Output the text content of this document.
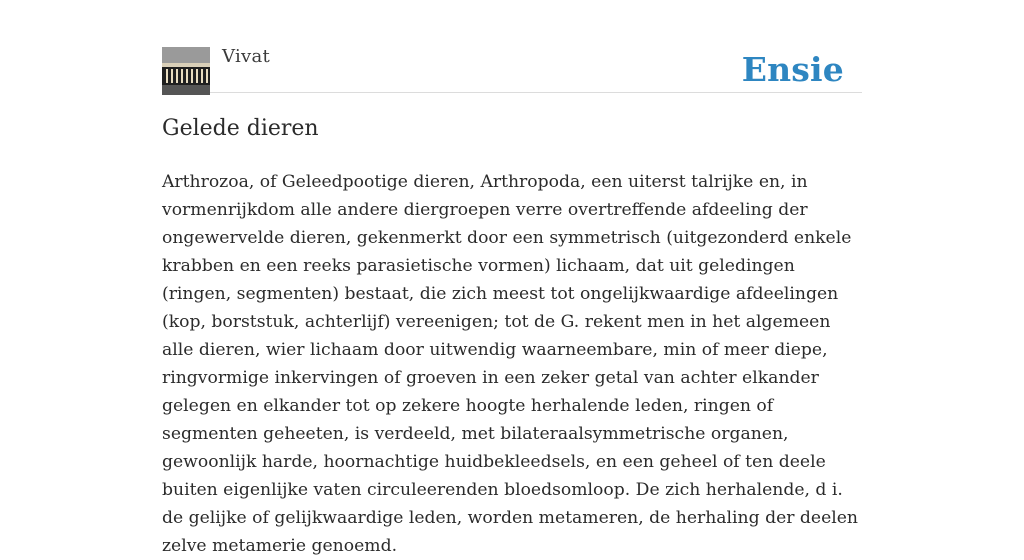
Vivat	Ensie
Gelede dieren

Arthrozoa, of Geleedpootige dieren, Arthropoda, een uiterst talrijke en, in vormenrijkdom alle andere diergroepen verre overtreffende afdeeling der ongewervelde dieren, gekenmerkt door een symmetrisch (uitgezonderd enkele krabben en een reeks parasietische vormen) lichaam, dat uit geledingen (ringen, segmenten) bestaat, die zich meest tot ongelijkwaardige afdeelingen (kop, borststuk, achterlijf) vereenigen; tot de G. rekent men in het algemeen alle dieren, wier lichaam door uitwendig waarneembare, min of meer diepe, ringvormige inkervingen of groeven in een zeker getal van achter elkander gelegen en elkander tot op zekere hoogte herhalende leden, ringen of segmenten geheeten, is verdeeld, met bilateraalsymmetrische organen, gewoonlijk harde, hoornachtige huidbekleedsels, en een geheel of ten deele buiten eigenlijke vaten circuleerenden bloedsomloop. De zich herhalende, d i. de gelijke of gelijkwaardige leden, worden metameren, de herhaling der deelen zelve metamerie genoemd.
